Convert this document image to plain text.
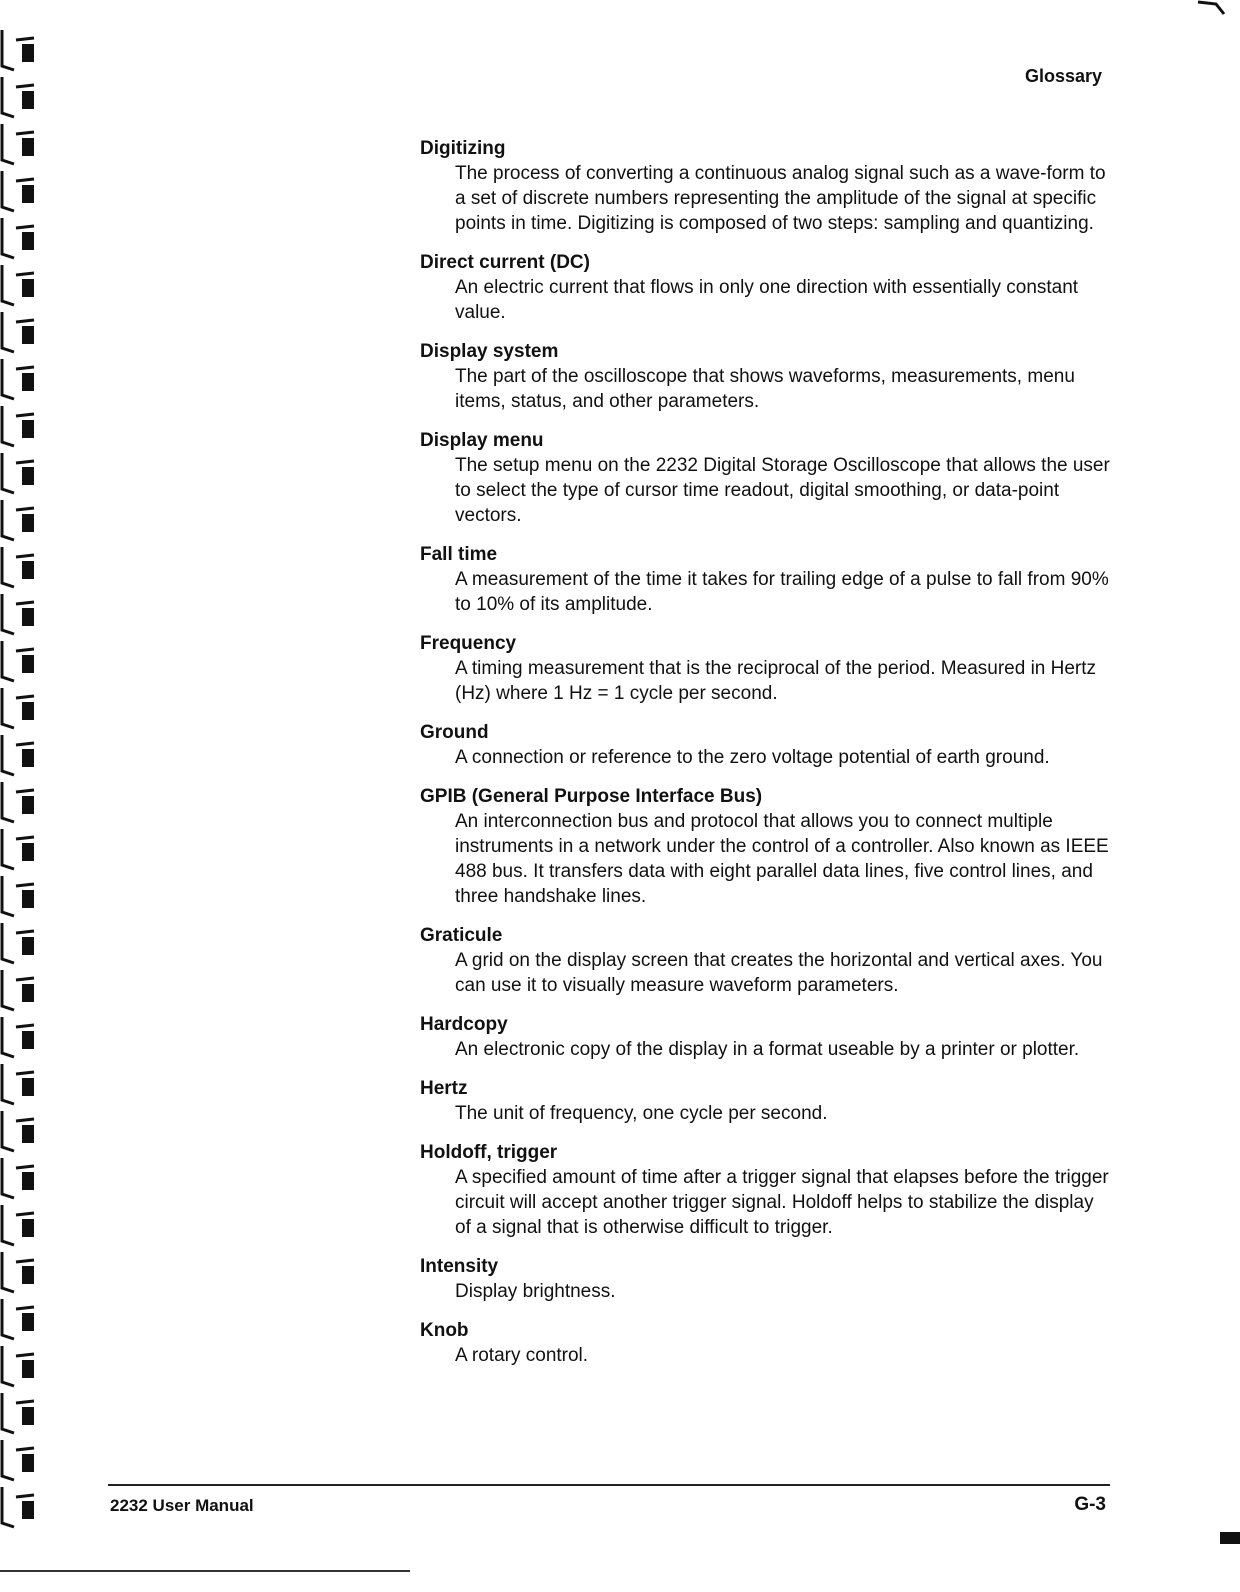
Glossary
Digitizing
The process of converting a continuous analog signal such as a wave-form to a set of discrete numbers representing the amplitude of the signal at specific points in time. Digitizing is composed of two steps: sampling and quantizing.
Direct current (DC)
An electric current that flows in only one direction with essentially constant value.
Display system
The part of the oscilloscope that shows waveforms, measurements, menu items, status, and other parameters.
Display menu
The setup menu on the 2232 Digital Storage Oscilloscope that allows the user to select the type of cursor time readout, digital smoothing, or data-point vectors.
Fall time
A measurement of the time it takes for trailing edge of a pulse to fall from 90% to 10% of its amplitude.
Frequency
A timing measurement that is the reciprocal of the period. Measured in Hertz (Hz) where 1 Hz = 1 cycle per second.
Ground
A connection or reference to the zero voltage potential of earth ground.
GPIB (General Purpose Interface Bus)
An interconnection bus and protocol that allows you to connect multiple instruments in a network under the control of a controller. Also known as IEEE 488 bus. It transfers data with eight parallel data lines, five control lines, and three handshake lines.
Graticule
A grid on the display screen that creates the horizontal and vertical axes. You can use it to visually measure waveform parameters.
Hardcopy
An electronic copy of the display in a format useable by a printer or plotter.
Hertz
The unit of frequency, one cycle per second.
Holdoff, trigger
A specified amount of time after a trigger signal that elapses before the trigger circuit will accept another trigger signal. Holdoff helps to stabilize the display of a signal that is otherwise difficult to trigger.
Intensity
Display brightness.
Knob
A rotary control.
2232 User Manual	G-3
